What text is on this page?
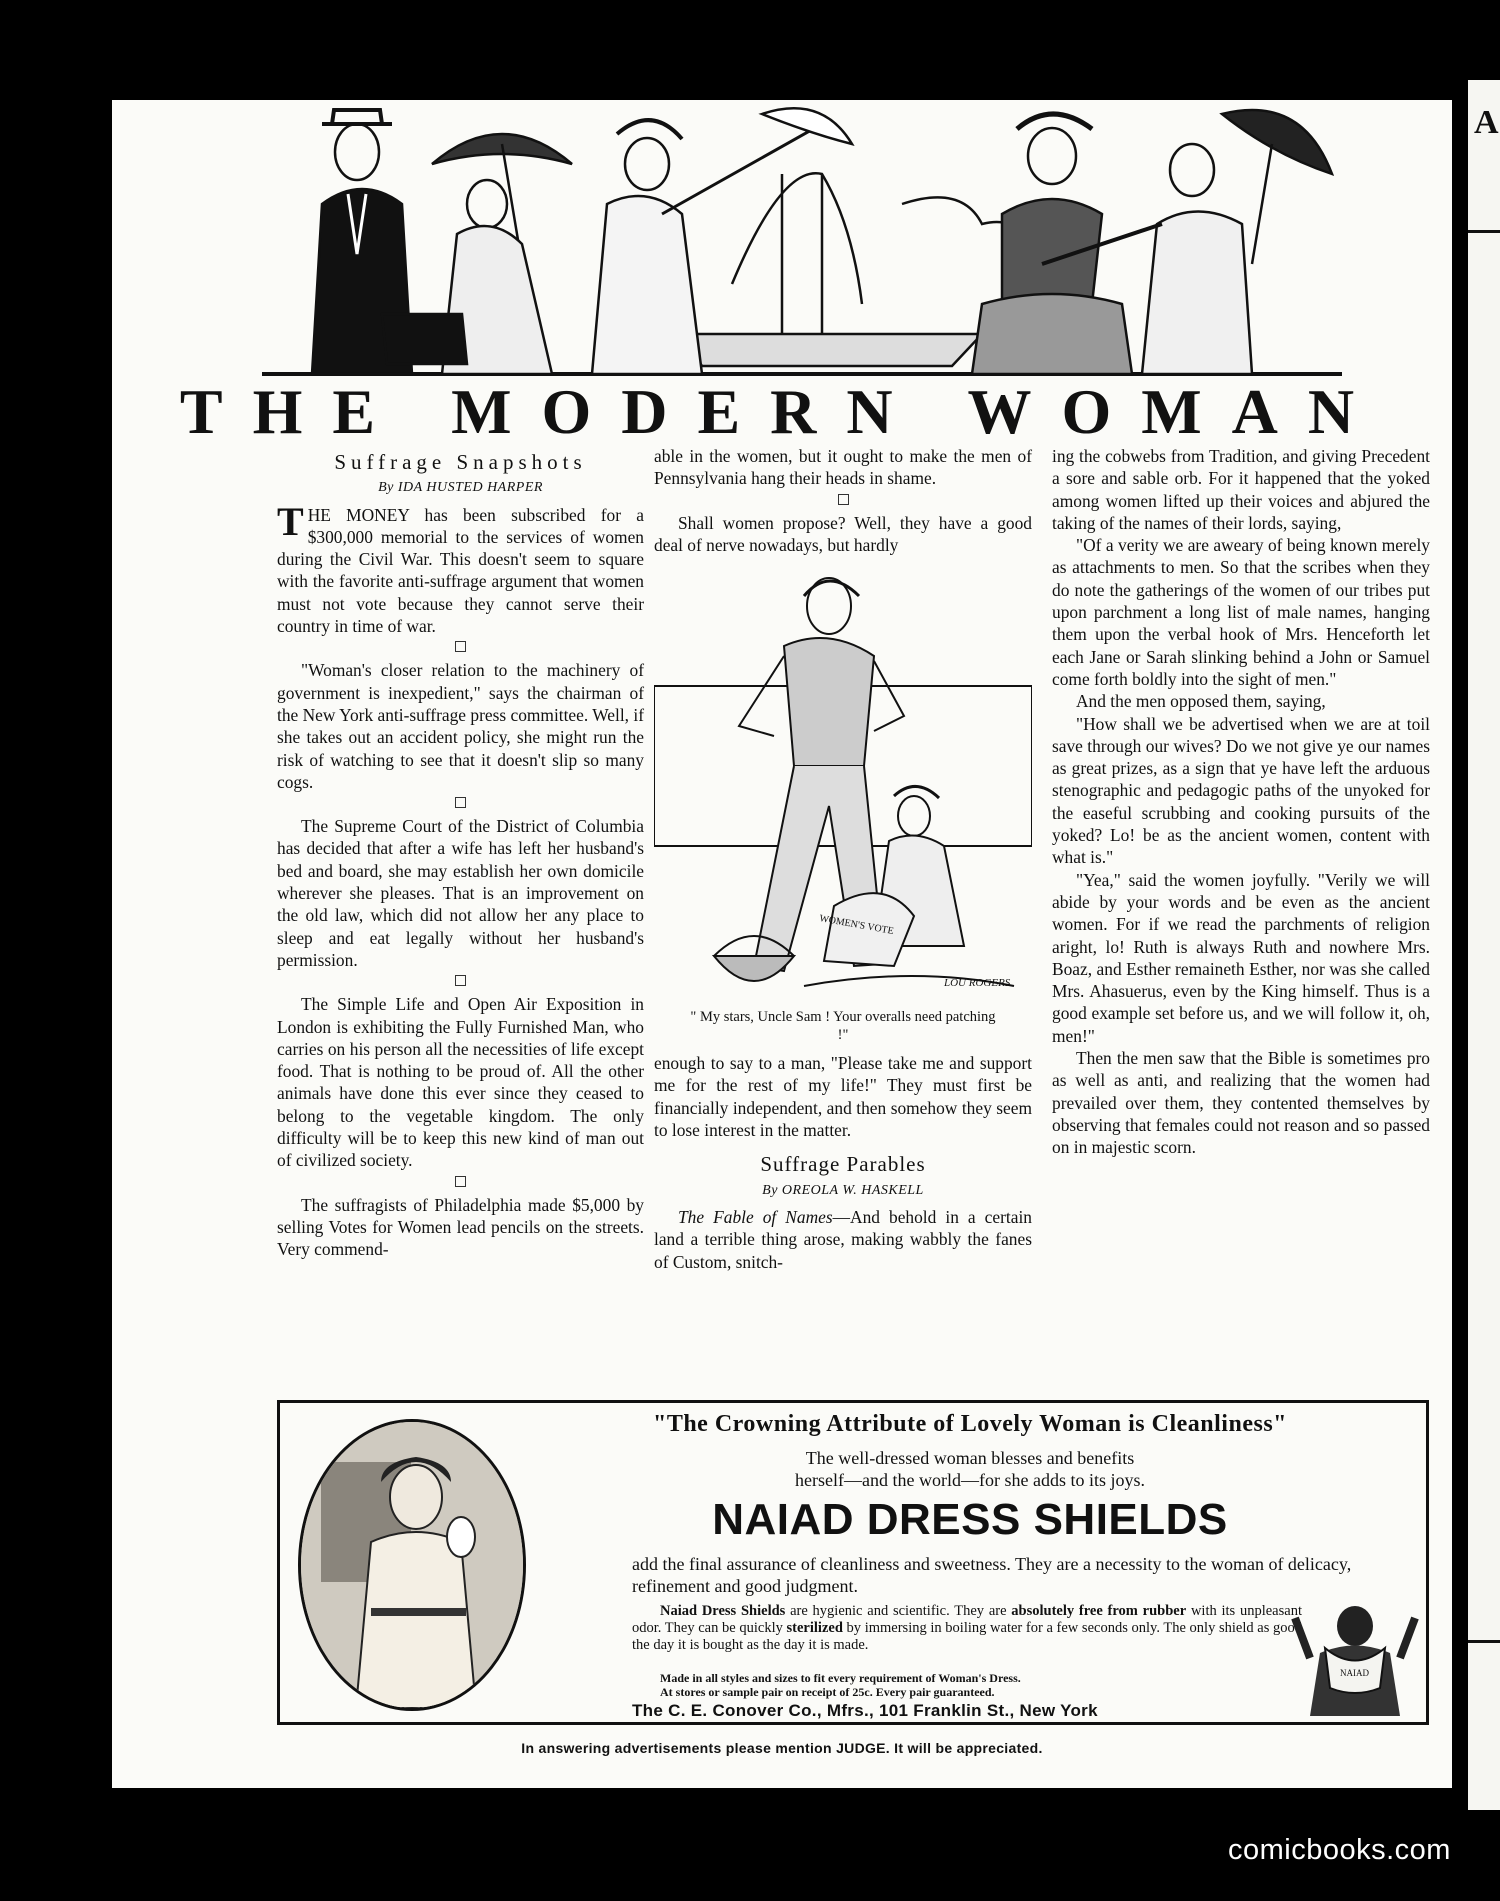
THE MODERN WOMAN
Suffrage Snapshots
By IDA HUSTED HARPER

THE MONEY has been subscribed for a $300,000 memorial to the services of women during the Civil War. This doesn't seem to square with the favorite anti-suffrage argument that women must not vote because they cannot serve their country in time of war.

"Woman's closer relation to the machinery of government is inexpedient," says the chairman of the New York anti-suffrage press committee. Well, if she takes out an accident policy, she might run the risk of watching to see that it doesn't slip so many cogs.

The Supreme Court of the District of Columbia has decided that after a wife has left her husband's bed and board, she may establish her own domicile wherever she pleases. That is an improvement on the old law, which did not allow her any place to sleep and eat legally without her husband's permission.

The Simple Life and Open Air Exposition in London is exhibiting the Fully Furnished Man, who carries on his person all the necessities of life except food. That is nothing to be proud of. All the other animals have done this ever since they ceased to belong to the vegetable kingdom. The only difficulty will be to keep this new kind of man out of civilized society.

The suffragists of Philadelphia made $5,000 by selling Votes for Women lead pencils on the streets. Very commend-

able in the women, but it ought to make the men of Pennsylvania hang their heads in shame.

Shall women propose? Well, they have a good deal of nerve nowadays, but hardly

WOMEN'S VOTE
LOU ROGERS
" My stars, Uncle Sam ! Your overalls need patching !"

enough to say to a man, "Please take me and support me for the rest of my life!" They must first be financially independent, and then somehow they seem to lose interest in the matter.

Suffrage Parables
By OREOLA W. HASKELL

The Fable of Names—And behold in a certain land a terrible thing arose, making wabbly the fanes of Custom, snitch-

ing the cobwebs from Tradition, and giving Precedent a sore and sable orb. For it happened that the yoked among women lifted up their voices and abjured the taking of the names of their lords, saying,

"Of a verity we are aweary of being known merely as attachments to men. So that the scribes when they do note the gatherings of the women of our tribes put upon parchment a long list of male names, hanging them upon the verbal hook of Mrs. Henceforth let each Jane or Sarah slinking behind a John or Samuel come forth boldly into the sight of men."

And the men opposed them, saying,

"How shall we be advertised when we are at toil save through our wives? Do we not give ye our names as great prizes, as a sign that ye have left the arduous stenographic and pedagogic paths of the unyoked for the easeful scrubbing and cooking pursuits of the yoked? Lo! be as the ancient women, content with what is."

"Yea," said the women joyfully. "Verily we will abide by your words and be even as the ancient women. For if we read the parchments of religion aright, lo! Ruth is always Ruth and nowhere Mrs. Boaz, and Esther remaineth Esther, nor was she called Mrs. Ahasuerus, even by the King himself. Thus is a good example set before us, and we will follow it, oh, men!"

Then the men saw that the Bible is sometimes pro as well as anti, and realizing that the women had prevailed over them, they contented themselves by observing that females could not reason and so passed on in majestic scorn.

"The Crowning Attribute of Lovely Woman is Cleanliness"
The well-dressed woman blesses and benefits
herself—and the world—for she adds to its joys.
NAIAD DRESS SHIELDS
add the final assurance of cleanliness and sweetness. They are a necessity to the woman of delicacy, refinement and good judgment.
Naiad Dress Shields are hygienic and scientific. They are absolutely free from rubber with its unpleasant odor. They can be quickly sterilized by immersing in boiling water for a few seconds only. The only shield as good the day it is bought as the day it is made.
Made in all styles and sizes to fit every requirement of Woman's Dress.
At stores or sample pair on receipt of 25c. Every pair guaranteed.
The C. E. Conover Co., Mfrs., 101 Franklin St., New York
NAIAD
In answering advertisements please mention JUDGE. It will be appreciated.
A
comicbooks.com
